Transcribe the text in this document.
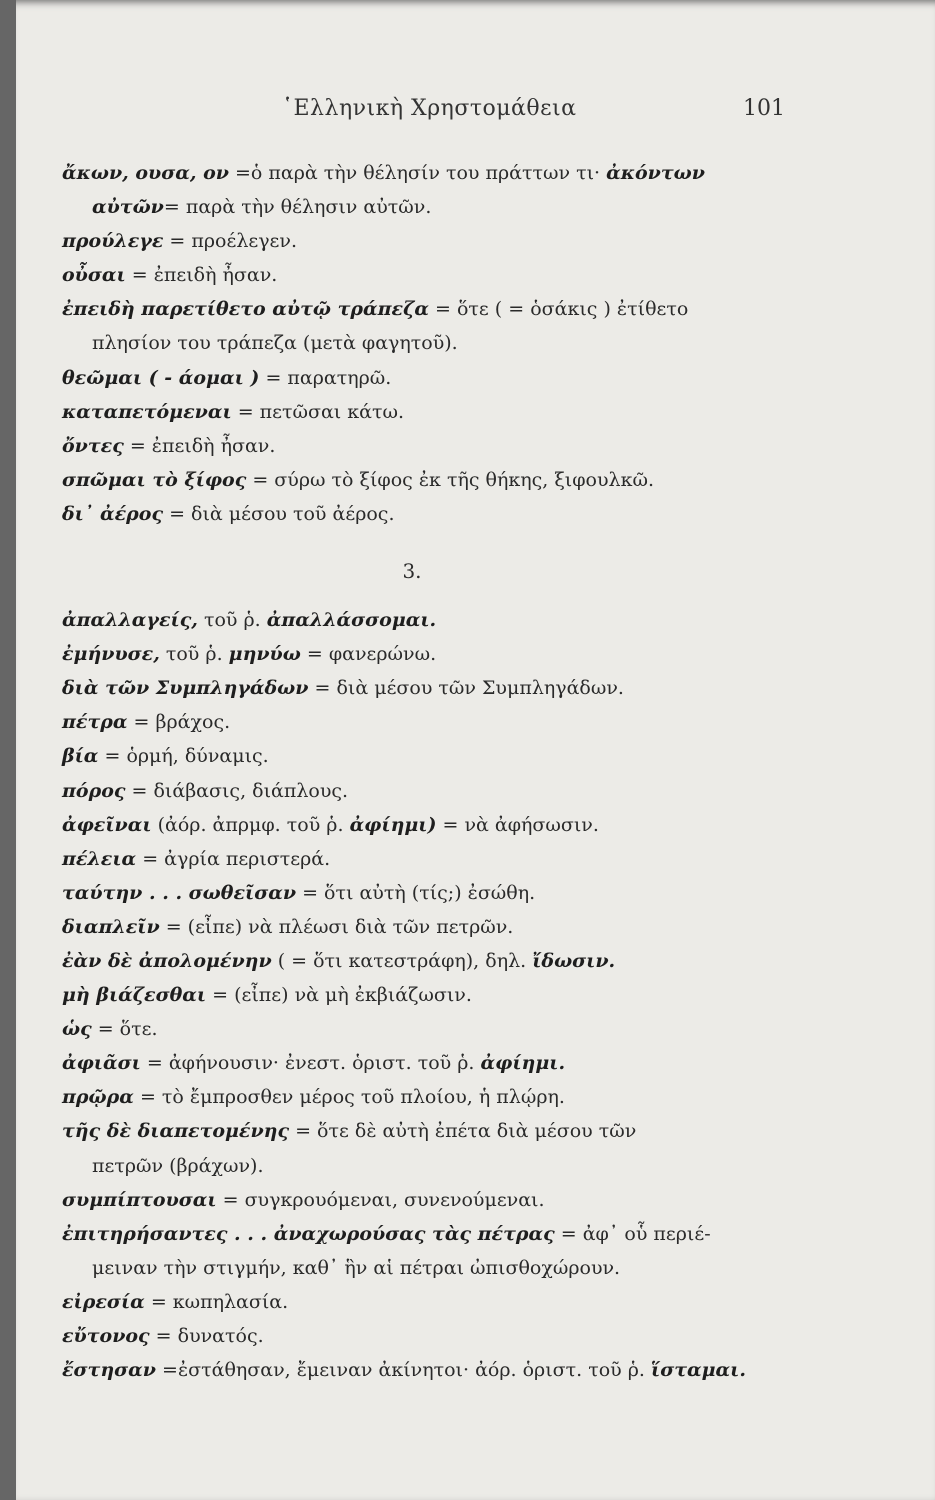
῾Ελληνικὴ Χρηστομάθεια	101
ἄκων, ουσα, ον =ὁ παρὰ τὴν θέλησίν του πράττων τι· ἀκόντων
αὐτῶν= παρὰ τὴν θέλησιν αὐτῶν.
προύλεγε = προέλεγεν.
οὖσαι = ἐπειδὴ ἦσαν.
ἐπειδὴ παρετίθετο αὐτῷ τράπεζα = ὅτε ( = ὁσάκις ) ἐτίθετο
πλησίον του τράπεζα (μετὰ φαγητοῦ).
θεῶμαι ( - άομαι ) = παρατηρῶ.
καταπετόμεναι = πετῶσαι κάτω.
ὄντες = ἐπειδὴ ἦσαν.
σπῶμαι τὸ ξίφος = σύρω τὸ ξίφος ἐκ τῆς θήκης, ξιφουλκῶ.
δι᾽ ἀέρος = διὰ μέσου τοῦ ἀέρος.
3.
ἀπαλλαγείς, τοῦ ῥ. ἀπαλλάσσομαι.
ἐμήνυσε, τοῦ ῥ. μηνύω = φανερώνω.
διὰ τῶν Συμπληγάδων = διὰ μέσου τῶν Συμπληγάδων.
πέτρα = βράχος.
βία = ὁρμή, δύναμις.
πόρος = διάβασις, διάπλους.
ἀφεῖναι (ἀόρ. ἀπρμφ. τοῦ ῥ. ἀφίημι) = νὰ ἀφήσωσιν.
πέλεια = ἀγρία περιστερά.
ταύτην . . . σωθεῖσαν = ὅτι αὐτὴ (τίς;) ἐσώθη.
διαπλεῖν = (εἶπε) νὰ πλέωσι διὰ τῶν πετρῶν.
ἐὰν δὲ ἀπολομένην ( = ὅτι κατεστράφη), δηλ. ἴδωσιν.
μὴ βιάζεσθαι = (εἶπε) νὰ μὴ ἐκβιάζωσιν.
ὡς = ὅτε.
ἀφιᾶσι = ἀφήνουσιν· ἐνεστ. ὁριστ. τοῦ ῥ. ἀφίημι.
πρῷρα = τὸ ἔμπροσθεν μέρος τοῦ πλοίου, ἡ πλῴρη.
τῆς δὲ διαπετομένης = ὅτε δὲ αὐτὴ ἐπέτα διὰ μέσου τῶν
πετρῶν (βράχων).
συμπίπτουσαι = συγκρουόμεναι, συνενούμεναι.
ἐπιτηρήσαντες . . . ἀναχωρούσας τὰς πέτρας = ἀφ᾽ οὗ περιέ-
μειναν τὴν στιγμήν, καθ᾽ ἣν αἱ πέτραι ὠπισθοχώρουν.
εἰρεσία = κωπηλασία.
εὔτονος = δυνατός.
ἔστησαν =ἐστάθησαν, ἔμειναν ἀκίνητοι· ἀόρ. ὁριστ. τοῦ ῥ. ἵσταμαι.
